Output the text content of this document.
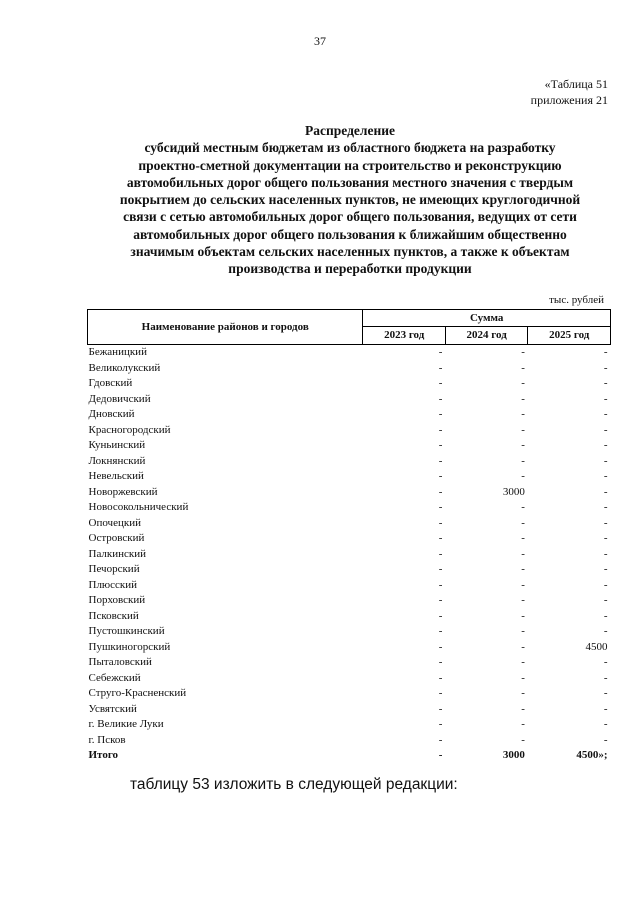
37
«Таблица 51
приложения 21
Распределение
субсидий местным бюджетам из областного бюджета на разработку
проектно-сметной документации на строительство и реконструкцию
автомобильных дорог общего пользования местного значения с твердым
покрытием до сельских населенных пунктов, не имеющих круглогодичной
связи с сетью автомобильных дорог общего пользования, ведущих от сети
автомобильных дорог общего пользования к ближайшим общественно
значимым объектам сельских населенных пунктов, а также к объектам
производства и переработки продукции
тыс. рублей
Наименование районов и городов	Сумма		
	2023 год	2024 год	2025 год
Бежаницкий	-	-	-
Великолукский	-	-	-
Гдовский	-	-	-
Дедовичский	-	-	-
Дновский	-	-	-
Красногородский	-	-	-
Куньинский	-	-	-
Локнянский	-	-	-
Невельский	-	-	-
Новоржевский	-	3000	-
Новосокольнический	-	-	-
Опочецкий	-	-	-
Островский	-	-	-
Палкинский	-	-	-
Печорский	-	-	-
Плюсский	-	-	-
Порховский	-	-	-
Псковский	-	-	-
Пустошкинский	-	-	-
Пушкиногорский	-	-	4500
Пыталовский	-	-	-
Себежский	-	-	-
Струго-Красненский	-	-	-
Усвятский	-	-	-
г. Великие Луки	-	-	-
г. Псков	-	-	-
Итого	-	3000	4500»;
таблицу 53 изложить в следующей редакции:
